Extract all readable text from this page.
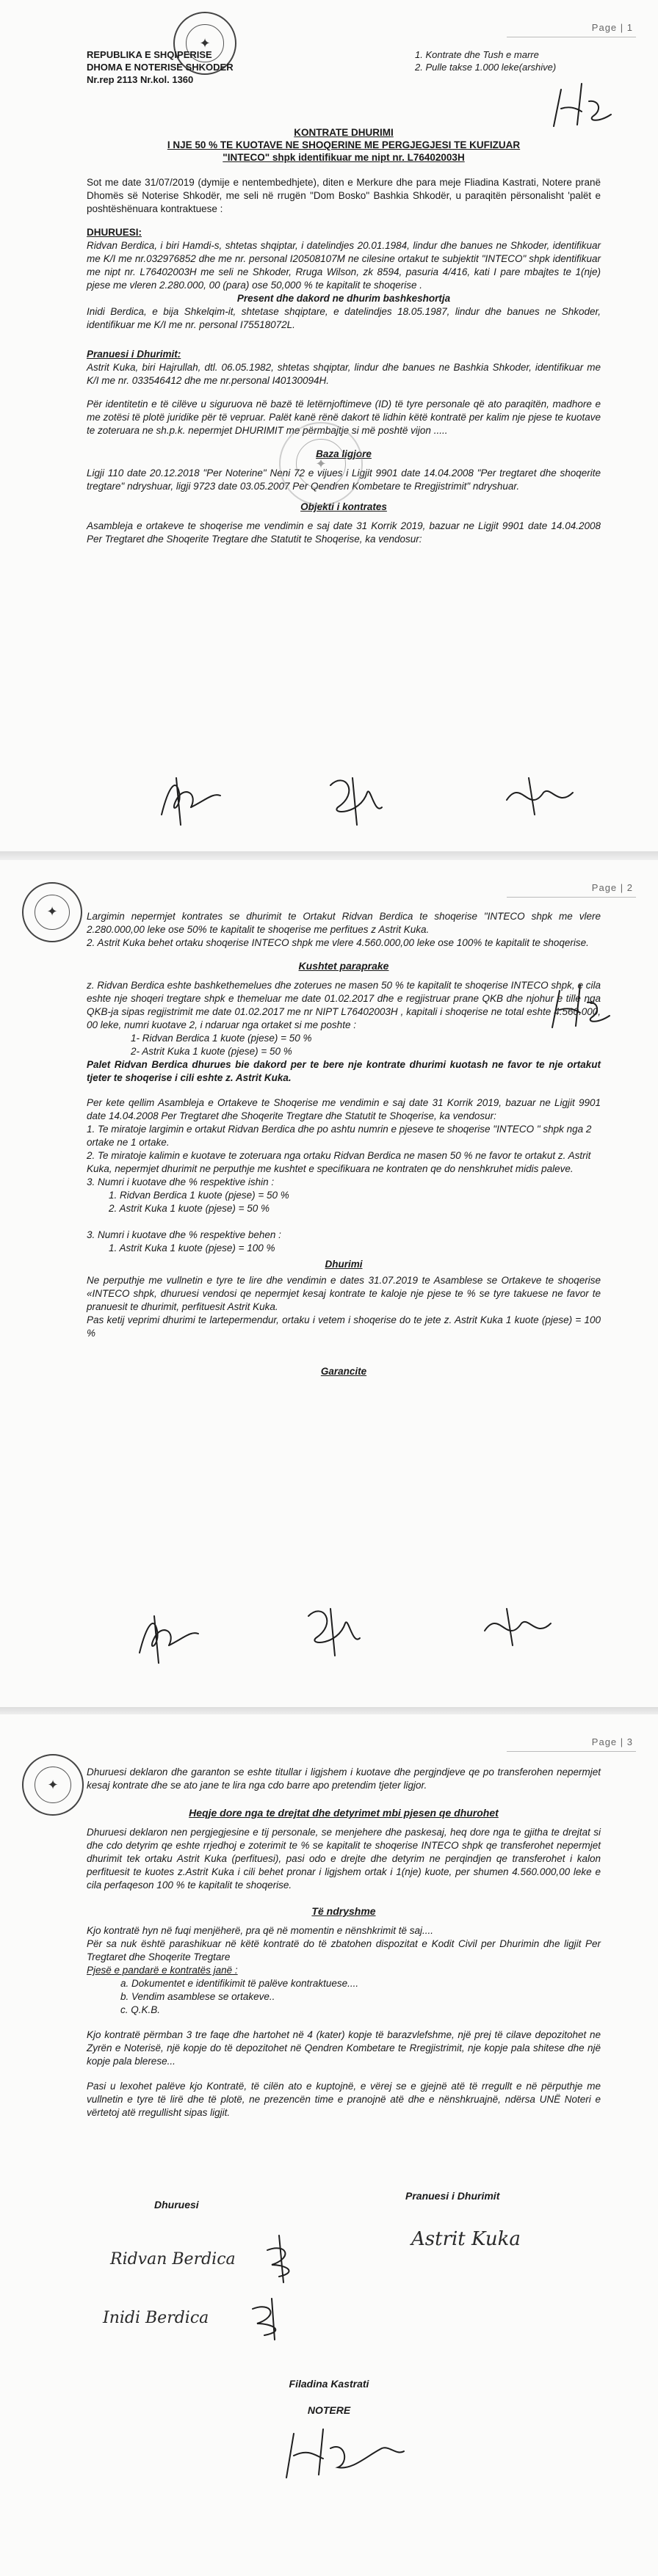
Page | 1
✦
REPUBLIKA E SHQIPERISE
DHOMA E NOTERISE SHKODER
Nr.rep 2113 Nr.kol. 1360
1. Kontrate dhe Tush e marre
2. Pulle takse 1.000 leke(arshive)
KONTRATE DHURIMI
I NJE 50 % TE KUOTAVE NE SHOQERINE ME PERGJEGJESI TE KUFIZUAR
"INTECO" shpk identifikuar me nipt nr. L76402003H

Sot me date 31/07/2019 (dymije e nentembedhjete), diten e Merkure dhe para meje Fliadina Kastrati, Notere pranë Dhomës së Noterise Shkodër, me seli në rrugën "Dom Bosko" Bashkia Shkodër, u paraqitën përsonalisht 'palët e poshtëshënuara kontraktuese :

DHURUESI:

Ridvan Berdica, i biri Hamdi-s, shtetas shqiptar, i datelindjes 20.01.1984, lindur dhe banues ne Shkoder, identifikuar me K/I me nr.032976852 dhe me nr. personal I20508107M ne cilesine ortakut te subjektit "INTECO" shpk identifikuar me nipt nr. L76402003H me seli ne Shkoder, Rruga Wilson, zk 8594, pasuria 4/416, kati I pare mbajtes te 1(nje) pjese me vleren 2.280.000, 00 (para) ose 50,000 % te kapitalit te shoqerise .

Present dhe dakord ne dhurim bashkeshortja

Inidi Berdica, e bija Shkelqim-it, shtetase shqiptare, e datelindjes 18.05.1987, lindur dhe banues ne Shkoder, identifikuar me K/I me nr. personal I75518072L.

Pranuesi i Dhurimit:

Astrit Kuka, biri Hajrullah, dtl. 06.05.1982, shtetas shqiptar, lindur dhe banues ne Bashkia Shkoder, identifikuar me K/I me nr. 033546412 dhe me nr.personal I40130094H.

Për identitetin e të cilëve u siguruova në bazë të letërnjoftimeve (ID) të tyre personale që ato paraqitën, madhore e me zotësi të plotë juridike për të vepruar. Palët kanë rënë dakort të lidhin këtë kontratë per kalim nje pjese te kuotave te zoteruara ne sh.p.k. nepermjet DHURIMIT me përmbajtje si më poshtë vijon .....

Baza ligjore

Ligji 110 date 20.12.2018 "Per Noterine" Neni 72 e vijues i Ligjit 9901 date 14.04.2008 "Per tregtaret dhe shoqerite tregtare" ndryshuar, ligji 9723 date 03.05.2007 Per Qendren Kombetare te Rregjistrimit" ndryshuar.

Objekti i kontrates

Asambleja e ortakeve te shoqerise me vendimin e saj date 31 Korrik 2019, bazuar ne Ligjit 9901 date 14.04.2008 Per Tregtaret dhe Shoqerite Tregtare dhe Statutit te Shoqerise, ka vendosur:

✦
Page | 2
✦	Largimin nepermjet kontrates se dhurimit te Ortakut Ridvan Berdica te shoqerise "INTECO shpk me vlere 2.280.000,00 leke ose 50% te kapitalit te shoqerise me perfitues z Astrit Kuka.

2. Astrit Kuka behet ortaku shoqerise INTECO shpk me vlere 4.560.000,00 leke ose 100% te kapitalit te shoqerise.

Kushtet paraprake

z. Ridvan Berdica eshte bashkethemelues dhe zoterues ne masen 50 % te kapitalit te shoqerise INTECO shpk, e cila eshte nje shoqeri tregtare shpk e themeluar me date 01.02.2017 dhe e regjistruar prane QKB dhe njohur e tille nga QKB-ja sipas regjistrimit me date 01.02.2017 me nr NIPT L76402003H , kapitali i shoqerise ne total eshte 4.560.000, 00 leke, numri kuotave 2, i ndaruar nga ortaket si me poshte :

1- Ridvan Berdica 1 kuote (pjese) = 50 %
2- Astrit Kuka 1 kuote (pjese) = 50 %

Palet Ridvan Berdica dhurues bie dakord per te bere nje kontrate dhurimi kuotash ne favor te nje ortakut tjeter te shoqerise i cili eshte z. Astrit Kuka.

Per kete qellim Asambleja e Ortakeve te Shoqerise me vendimin e saj date 31 Korrik 2019, bazuar ne Ligjit 9901 date 14.04.2008 Per Tregtaret dhe Shoqerite Tregtare dhe Statutit te Shoqerise, ka vendosur:

1. Te miratoje largimin e ortakut Ridvan Berdica dhe po ashtu numrin e pjeseve te shoqerise "INTECO " shpk nga 2 ortake ne 1 ortake.
2. Te miratoje kalimin e kuotave te zoteruara nga ortaku Ridvan Berdica ne masen 50 % ne favor te ortakut z. Astrit Kuka, nepermjet dhurimit ne perputhje me kushtet e specifikuara ne kontraten qe do nenshkruhet midis paleve.
3. Numri i kuotave dhe % respektive ishin :
1. Ridvan Berdica 1 kuote (pjese) = 50 %
2. Astrit Kuka 1 kuote (pjese) = 50 %

3. Numri i kuotave dhe % respektive behen :

1. Astrit Kuka 1 kuote (pjese) = 100 %
Dhurimi

Ne perputhje me vullnetin e tyre te lire dhe vendimin e dates 31.07.2019 te Asamblese se Ortakeve te shoqerise «INTECO shpk, dhuruesi vendosi qe nepermjet kesaj kontrate te kaloje nje pjese te % se tyre takuese ne favor te pranuesit te dhurimit, perfituesit Astrit Kuka.

Pas ketij veprimi dhurimi te lartepermendur, ortaku i vetem i shoqerise do te jete z. Astrit Kuka 1 kuote (pjese) = 100 %

Garancite
Page | 3
✦

Dhuruesi deklaron dhe garanton se eshte titullar i ligjshem i kuotave dhe pergjndjeve qe po transferohen nepermjet kesaj kontrate dhe se ato jane te lira nga cdo barre apo pretendim tjeter ligjor.

Heqje dore nga te drejtat dhe detyrimet mbi pjesen qe dhurohet

Dhuruesi deklaron nen pergjegjesine e tij personale, se menjehere dhe paskesaj, heq dore nga te gjitha te drejtat si dhe cdo detyrim qe eshte rrjedhoj e zoterimit te % se kapitalit te shoqerise INTECO shpk qe transferohet nepermjet dhurimit tek ortaku Astrit Kuka (perfituesi), pasi odo e drejte dhe detyrim ne perqindjen qe transferohet i kalon perfituesit te kuotes z.Astrit Kuka i cili behet pronar i ligjshem ortak i 1(nje) kuote, per shumen 4.560.000,00 leke e cila perfaqeson 100 % te kapitalit te shoqerise.

Të ndryshme

Kjo kontratë hyn në fuqi menjëherë, pra që në momentin e nënshkrimit të saj....

Për sa nuk është parashikuar në këtë kontratë do të zbatohen dispozitat e Kodit Civil per Dhurimin dhe ligjit Per Tregtaret dhe Shoqerite Tregtare

Pjesë e pandarë e kontratës janë :

a. Dokumentet e identifikimit të palëve kontraktuese....
b. Vendim asamblese se ortakeve..
c. Q.K.B.

Kjo kontratë përmban 3 tre faqe dhe hartohet në 4 (kater) kopje të barazvlefshme, një prej të cilave depozitohet ne Zyrën e Noterisë, një kopje do të depozitohet në Qendren Kombetare te Rregjistrimit, nje kopje pala shitese dhe një kopje pala bleresе...

Pasi u lexohet palëve kjo Kontratë, të cilën ato e kuptojnë, e vërej se e gjejnë atë të rregullt e në përputhje me vullnetin e tyre të lirë dhe të plotë, ne prezencën time e pranojnë atë dhe e nënshkruajnë, ndërsa UNË Noteri e vërtetoj atë rregullisht sipas ligjit.

Dhuruesi
Pranuesi i Dhurimit
Ridvan Berdica
Inidi Berdica
Astrit Kuka
Filadina Kastrati
NOTERE
